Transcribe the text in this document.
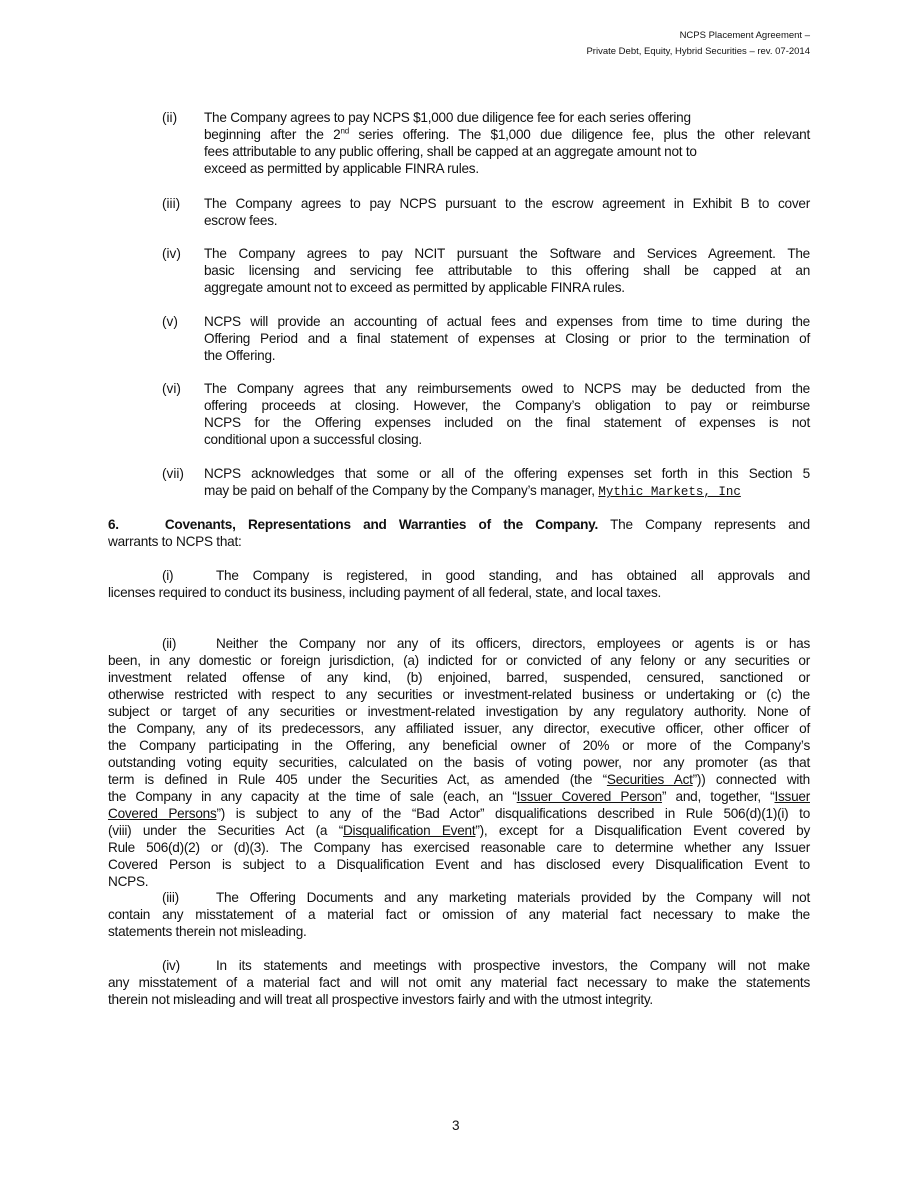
NCPS Placement Agreement –
Private Debt, Equity, Hybrid Securities – rev. 07-2014
(ii) The Company agrees to pay NCPS $1,000 due diligence fee for each series offering
beginning after the 2nd series offering. The $1,000 due diligence fee, plus the other relevant
fees attributable to any public offering, shall be capped at an aggregate amount not to
exceed as permitted by applicable FINRA rules.
(iii) The Company agrees to pay NCPS pursuant to the escrow agreement in Exhibit B to cover
escrow fees.
(iv) The Company agrees to pay NCIT pursuant the Software and Services Agreement. The
basic licensing and servicing fee attributable to this offering shall be capped at an
aggregate amount not to exceed as permitted by applicable FINRA rules.
(v) NCPS will provide an accounting of actual fees and expenses from time to time during the
Offering Period and a final statement of expenses at Closing or prior to the termination of
the Offering.
(vi) The Company agrees that any reimbursements owed to NCPS may be deducted from the
offering proceeds at closing. However, the Company’s obligation to pay or reimburse
NCPS for the Offering expenses included on the final statement of expenses is not
conditional upon a successful closing.
(vii) NCPS acknowledges that some or all of the offering expenses set forth in this Section 5
may be paid on behalf of the Company by the Company’s manager, Mythic Markets, Inc
6.	Covenants, Representations and Warranties of the Company. The Company represents and
warrants to NCPS that:
(i)	The Company is registered, in good standing, and has obtained all approvals and
licenses required to conduct its business, including payment of all federal, state, and local taxes.
(ii)	Neither the Company nor any of its officers, directors, employees or agents is or has
been, in any domestic or foreign jurisdiction, (a) indicted for or convicted of any felony or any securities or
investment related offense of any kind, (b) enjoined, barred, suspended, censured, sanctioned or
otherwise restricted with respect to any securities or investment-related business or undertaking or (c) the
subject or target of any securities or investment-related investigation by any regulatory authority. None of
the Company, any of its predecessors, any affiliated issuer, any director, executive officer, other officer of
the Company participating in the Offering, any beneficial owner of 20% or more of the Company’s
outstanding voting equity securities, calculated on the basis of voting power, nor any promoter (as that
term is defined in Rule 405 under the Securities Act, as amended (the “Securities Act”)) connected with
the Company in any capacity at the time of sale (each, an “Issuer Covered Person” and, together, “Issuer
Covered Persons”) is subject to any of the “Bad Actor” disqualifications described in Rule 506(d)(1)(i) to
(viii) under the Securities Act (a “Disqualification Event”), except for a Disqualification Event covered by
Rule 506(d)(2) or (d)(3). The Company has exercised reasonable care to determine whether any Issuer
Covered Person is subject to a Disqualification Event and has disclosed every Disqualification Event to
NCPS.
(iii)	The Offering Documents and any marketing materials provided by the Company will not
contain any misstatement of a material fact or omission of any material fact necessary to make the
statements therein not misleading.
(iv)	In its statements and meetings with prospective investors, the Company will not make
any misstatement of a material fact and will not omit any material fact necessary to make the statements
therein not misleading and will treat all prospective investors fairly and with the utmost integrity.
3
